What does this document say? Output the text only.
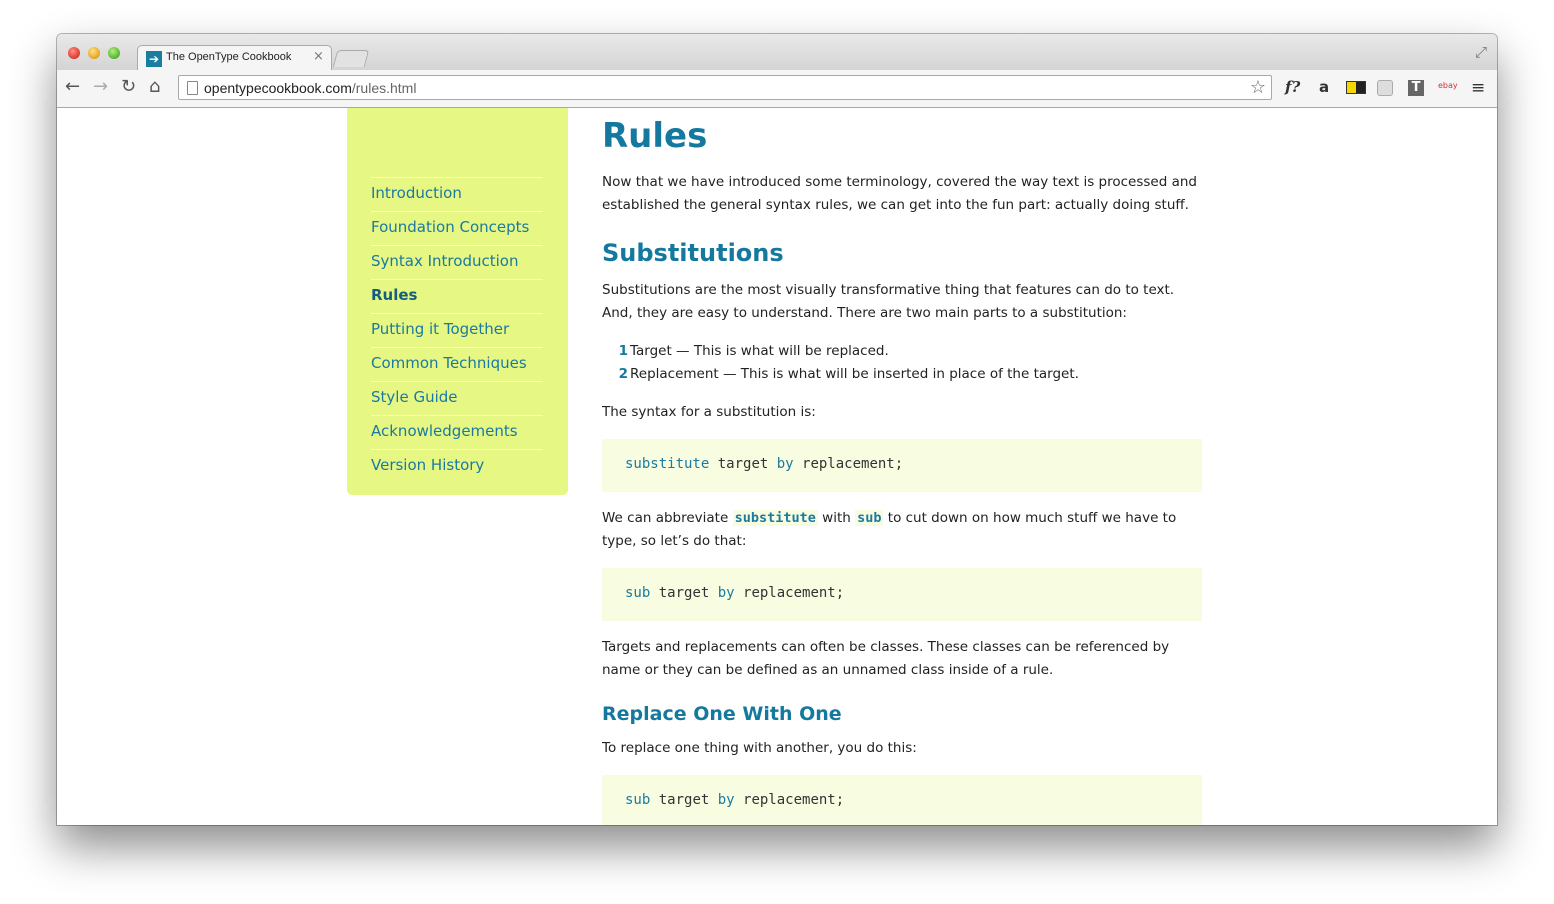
➔ The OpenType Cookbook	×	⤢
← → ↻ ⌂	opentypecookbook.com/rules.html	☆ f? a	T	ebay ≡
Introduction
Foundation Concepts
Syntax Introduction
Rules
Putting it Together
Common Techniques
Style Guide
Acknowledgements
Version History
Rules

Now that we have introduced some terminology, covered the way text is processed and established the general syntax rules, we can get into the fun part: actually doing stuff.

Substitutions

Substitutions are the most visually transformative thing that features can do to text. And, they are easy to understand. There are two main parts to a substitution:

1 Target — This is what will be replaced.
2 Replacement — This is what will be inserted in place of the target.

The syntax for a substitution is:

substitute target by replacement;

We can abbreviate substitute with sub to cut down on how much stuff we have to type, so let’s do that:

sub target by replacement;

Targets and replacements can often be classes. These classes can be referenced by name or they can be defined as an unnamed class inside of a rule.

Replace One With One

To replace one thing with another, you do this:

sub target by replacement;
